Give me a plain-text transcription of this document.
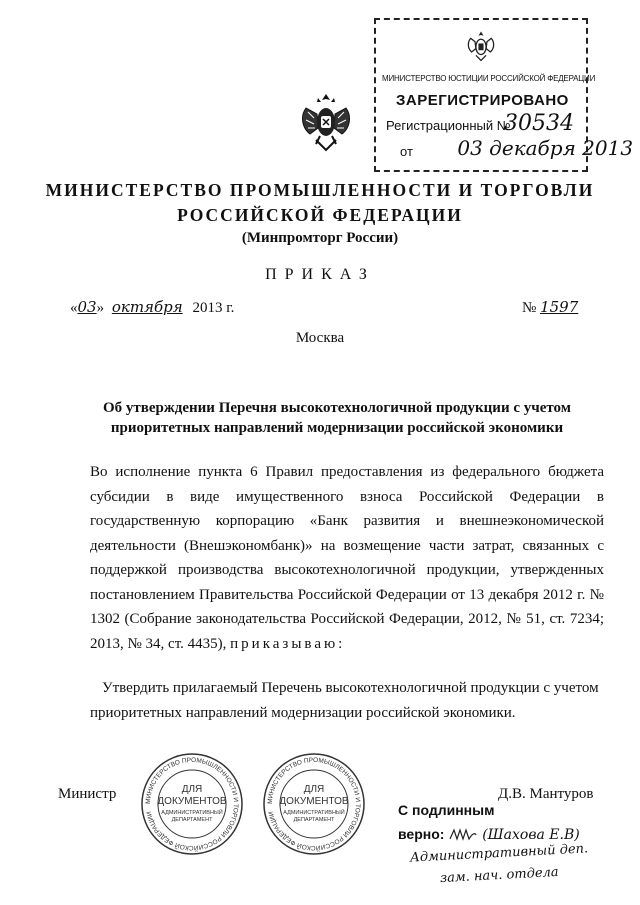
МИНИСТЕРСТВО ЮСТИЦИИ РОССИЙСКОЙ ФЕДЕРАЦИИ
ЗАРЕГИСТРИРОВАНО
Регистрационный №
30534
от	03 декабря 2013
МИНИСТЕРСТВО ПРОМЫШЛЕННОСТИ И ТОРГОВЛИ
РОССИЙСКОЙ ФЕДЕРАЦИИ
(Минпромторг России)
ПРИКАЗ
«03» октября 2013 г.	№ 1597
Москва
Об утверждении Перечня высокотехнологичной продукции с учетом
приоритетных направлений модернизации российской экономики
Во исполнение пункта 6 Правил предоставления из федерального бюджета субсидии в виде имущественного взноса Российской Федерации в государственную корпорацию «Банк развития и внешнеэкономической деятельности (Внешэкономбанк)» на возмещение части затрат, связанных с поддержкой производства высокотехнологичной продукции, утвержденных постановлением Правительства Российской Федерации от 13 декабря 2012 г. № 1302 (Собрание законодательства Российской Федерации, 2012, № 51, ст. 7234; 2013, № 34, ст. 4435), приказываю:
Утвердить прилагаемый Перечень высокотехнологичной продукции с учетом приоритетных направлений модернизации российской экономики.
Министр	Д.В. Мантуров
МИНИСТЕРСТВО ПРОМЫШЛЕННОСТИ И ТОРГОВЛИ РОССИЙСКОЙ ФЕДЕРАЦИИ
ДЛЯ
ДОКУМЕНТОВ
АДМИНИСТРАТИВНЫЙ
ДЕПАРТАМЕНТ
МИНИСТЕРСТВО ПРОМЫШЛЕННОСТИ И ТОРГОВЛИ РОССИЙСКОЙ ФЕДЕРАЦИИ
ДЛЯ
ДОКУМЕНТОВ
АДМИНИСТРАТИВНЫЙ
ДЕПАРТАМЕНТ
С подлинным
верно:	(Шахова Е.В)
Административный деп.
зам. нач. отдела
